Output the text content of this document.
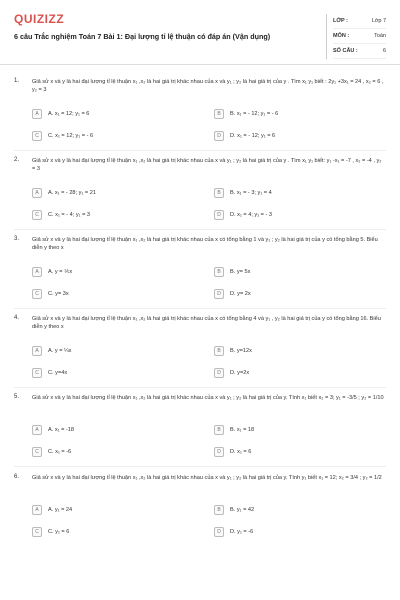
QUIZIZZ
6 câu Trắc nghiệm Toán 7 Bài 1: Đại lượng tỉ lệ thuận có đáp án (Vận dụng)
LỚP :	Lớp 7
MÔN :	Toán
SỐ CÂU :	6
1. Giả sử x và y là hai đại lượng tỉ lệ thuận x₁ ,x₂ là hai giá trị khác nhau của x và y₁ ; y₂ là hai giá trị của y . Tìm x₁ y₁ biết : 2y₁ +3x₁ = 24 , x₂ = 6 , y₂ = 3
A	A. x₁ = 12; y₁ = 6	B	B. x₁ = - 12; y₁ = - 6
C	C. x₁ = 12; y₁ = - 6	D	D. x₁ = - 12; y₁ = 6
2. Giả sử x và y là hai đại lượng tỉ lệ thuận x₁ ,x₂ là hai giá trị khác nhau của x và y₁ ; y₂ là hai giá trị của y . Tìm x₁ y₁ biết: y₁ -x₁ = -7 , x₂ = -4 , y₂ = 3
A	A. x₁ = - 28; y₁ = 21	B	B. x₁ = - 3; y₁ = 4
C	C. x₁ = - 4; y₁ = 3	D	D. x₁ = 4; y₁ = - 3
3. Giả sử x và y là hai đại lượng tỉ lệ thuận x₁ ,x₂ là hai giá trị khác nhau của x có tổng bằng 1 và y₁ ; y₂ là hai giá trị của y có tổng bằng 5. Biểu diễn y theo x
A	A. y = ⅕x	B	B. y= 5x
C	C. y= 3x	D	D. y= 2x
4. Giả sử x và y là hai đại lượng tỉ lệ thuận x₁ ,x₂ là hai giá trị khác nhau của x có tổng bằng 4 và y₁ , y₂ là hai giá trị của y có tổng bằng 16. Biểu diễn y theo x
A	A. y = ¼x	B	B. y=12x
C	C. y=4x	D	D. y=2x
5. Giả sử x và y là hai đại lượng tỉ lệ thuận x₁ ,x₂ là hai giá trị khác nhau của x và y₁ ; y₂ là hai giá trị của y. Tính x₁ biết x₂ = 3; y₁ = -3/5 ; y₂ = 1/10
A	A. x₁ = -18	B	B. x₁ = 18
C	C. x₁ = -6	D	D. x₁ = 6
6. Giả sử x và y là hai đại lượng tỉ lệ thuận x₁ ,x₂ là hai giá trị khác nhau của x và y₁ ; y₂ là hai giá trị của y. Tính y₁ biết x₁ = 12; x₂ = 3/4 ; y₂ = 1/2
A	A. y₁ = 24	B	B. y₁ = 42
C	C. y₁ = 6	D	D. y₁ = -6
